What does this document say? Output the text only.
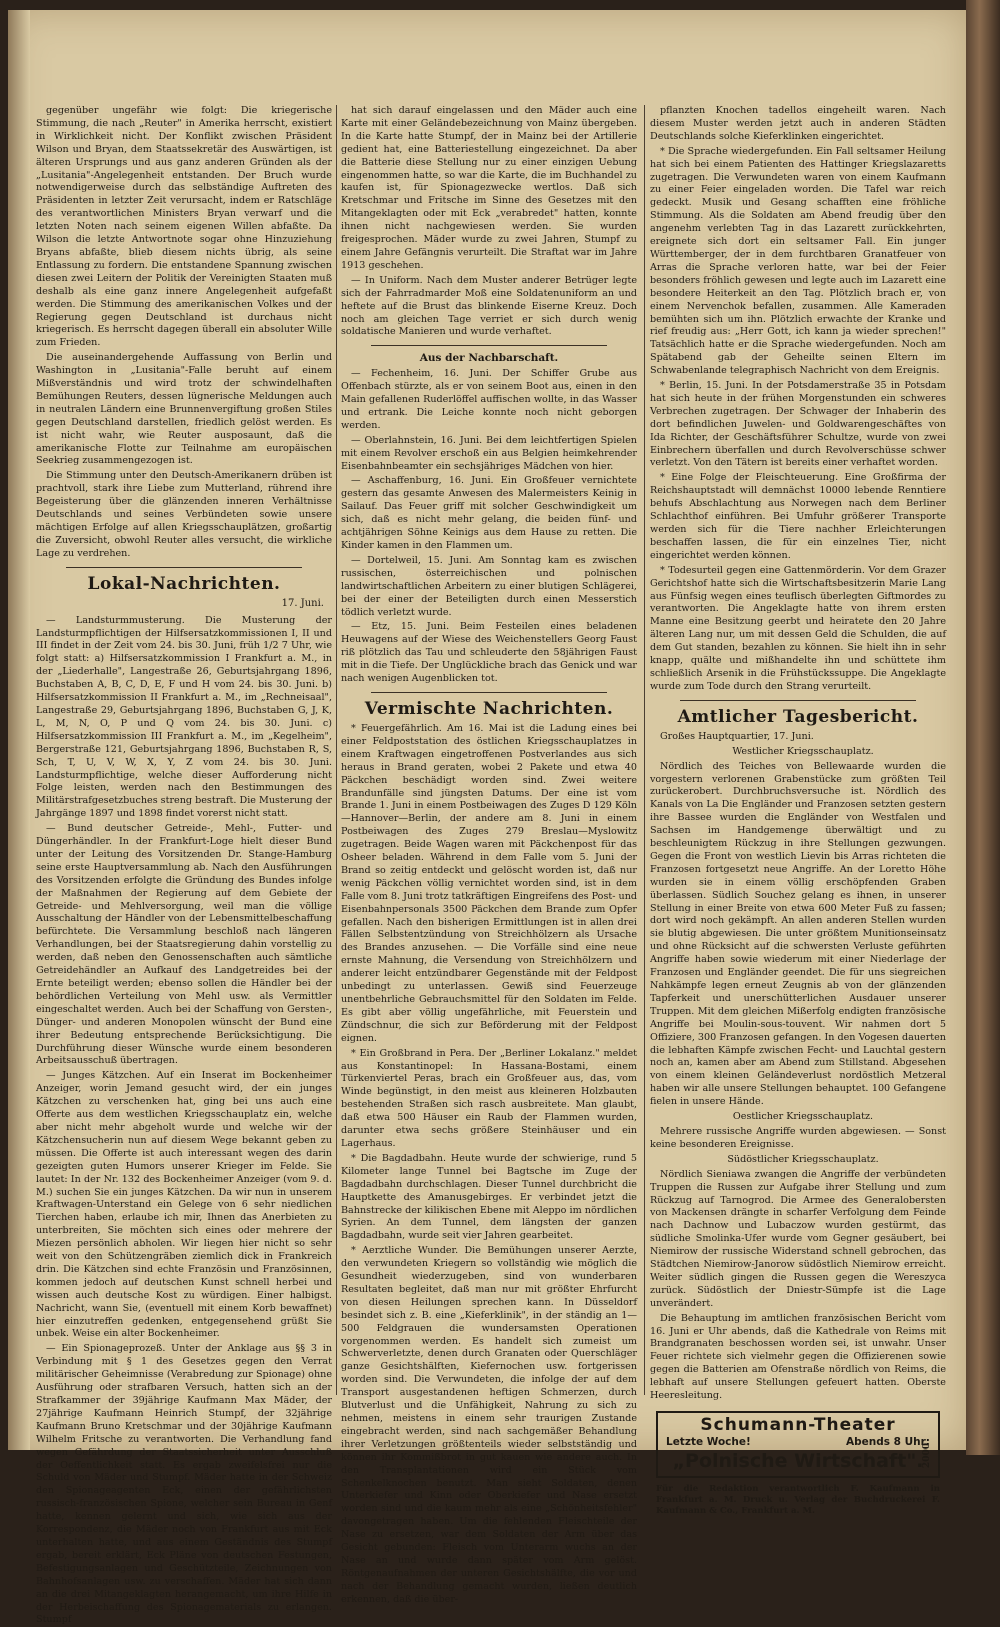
gegenüber ungefähr wie folgt: Die kriegerische Stimmung, die nach „Reuter" in Amerika herrscht, existiert in Wirklichkeit nicht. Der Konflikt zwischen Präsident Wilson und Bryan, dem Staatssekretär des Auswärtigen, ist älteren Ursprungs und aus ganz anderen Gründen als der „Lusitania"-Angelegenheit entstanden. Der Bruch wurde notwendigerweise durch das selbständige Auftreten des Präsidenten in letzter Zeit verursacht, indem er Ratschläge des verantwortlichen Ministers Bryan verwarf und die letzten Noten nach seinem eigenen Willen abfaßte. Da Wilson die letzte Antwortnote sogar ohne Hinzuziehung Bryans abfaßte, blieb diesem nichts übrig, als seine Entlassung zu fordern. Die entstandene Spannung zwischen diesen zwei Leitern der Politik der Vereinigten Staaten muß deshalb als eine ganz innere Angelegenheit aufgefaßt werden. Die Stimmung des amerikanischen Volkes und der Regierung gegen Deutschland ist durchaus nicht kriegerisch. Es herrscht dagegen überall ein absoluter Wille zum Frieden.

Die auseinandergehende Auffassung von Berlin und Washington in „Lusitania"-Falle beruht auf einem Mißverständnis und wird trotz der schwindelhaften Bemühungen Reuters, dessen lügnerische Meldungen auch in neutralen Ländern eine Brunnenvergiftung großen Stiles gegen Deutschland darstellen, friedlich gelöst werden. Es ist nicht wahr, wie Reuter ausposaunt, daß die amerikanische Flotte zur Teilnahme am europäischen Seekrieg zusammengezogen ist.

Die Stimmung unter den Deutsch-Amerikanern drüben ist prachtvoll, stark ihre Liebe zum Mutterland, rührend ihre Begeisterung über die glänzenden inneren Verhältnisse Deutschlands und seines Verbündeten sowie unsere mächtigen Erfolge auf allen Kriegsschauplätzen, großartig die Zuversicht, obwohl Reuter alles versucht, die wirkliche Lage zu verdrehen.

Lokal-Nachrichten.
17. Juni.

— Landsturmmusterung. Die Musterung der Landsturmpflichtigen der Hilfsersatzkommissionen I, II und III findet in der Zeit vom 24. bis 30. Juni, früh 1/2 7 Uhr, wie folgt statt: a) Hilfsersatzkommission I Frankfurt a. M., in der „Liederhalle", Langestraße 26, Geburtsjahrgang 1896, Buchstaben A, B, C, D, E, F und H vom 24. bis 30. Juni. b) Hilfsersatzkommission II Frankfurt a. M., im „Rechneisaal", Langestraße 29, Geburtsjahrgang 1896, Buchstaben G, J, K, L, M, N, O, P und Q vom 24. bis 30. Juni. c) Hilfsersatzkommission III Frankfurt a. M., im „Kegelheim", Bergerstraße 121, Geburtsjahrgang 1896, Buchstaben R, S, Sch, T, U, V, W, X, Y, Z vom 24. bis 30. Juni. Landsturmpflichtige, welche dieser Aufforderung nicht Folge leisten, werden nach den Bestimmungen des Militärstrafgesetzbuches streng bestraft. Die Musterung der Jahrgänge 1897 und 1898 findet vorerst nicht statt.

— Bund deutscher Getreide-, Mehl-, Futter- und Düngerhändler. In der Frankfurt-Loge hielt dieser Bund unter der Leitung des Vorsitzenden Dr. Stange-Hamburg seine erste Hauptversammlung ab. Nach den Ausführungen des Vorsitzenden erfolgte die Gründung des Bundes infolge der Maßnahmen der Regierung auf dem Gebiete der Getreide- und Mehlversorgung, weil man die völlige Ausschaltung der Händler von der Lebensmittelbeschaffung befürchtete. Die Versammlung beschloß nach längeren Verhandlungen, bei der Staatsregierung dahin vorstellig zu werden, daß neben den Genossenschaften auch sämtliche Getreidehändler an Aufkauf des Landgetreides bei der Ernte beteiligt werden; ebenso sollen die Händler bei der behördlichen Verteilung von Mehl usw. als Vermittler eingeschaltet werden. Auch bei der Schaffung von Gersten-, Dünger- und anderen Monopolen wünscht der Bund eine ihrer Bedeutung entsprechende Berücksichtigung. Die Durchführung dieser Wünsche wurde einem besonderen Arbeitsausschuß übertragen.

— Junges Kätzchen. Auf ein Inserat im Bockenheimer Anzeiger, worin Jemand gesucht wird, der ein junges Kätzchen zu verschenken hat, ging bei uns auch eine Offerte aus dem westlichen Kriegsschauplatz ein, welche aber nicht mehr abgeholt wurde und welche wir der Kätzchensucherin nun auf diesem Wege bekannt geben zu müssen. Die Offerte ist auch interessant wegen des darin gezeigten guten Humors unserer Krieger im Felde. Sie lautet: In der Nr. 132 des Bockenheimer Anzeiger (vom 9. d. M.) suchen Sie ein junges Kätzchen. Da wir nun in unserem Kraftwagen-Unterstand ein Gelege von 6 sehr niedlichen Tierchen haben, erlaube ich mir, Ihnen das Anerbieten zu unterbreiten, Sie möchten sich eines oder mehrere der Miezen persönlich abholen. Wir liegen hier nicht so sehr weit von den Schützengräben ziemlich dick in Frankreich drin. Die Kätzchen sind echte Französin und Französinnen, kommen jedoch auf deutschen Kunst schnell herbei und wissen auch deutsche Kost zu würdigen. Einer halbigst. Nachricht, wann Sie, (eventuell mit einem Korb bewaffnet) hier einzutreffen gedenken, entgegensehend grüßt Sie unbek. Weise ein alter Bockenheimer.

— Ein Spionageprozeß. Unter der Anklage aus §§ 3 in Verbindung mit § 1 des Gesetzes gegen den Verrat militärischer Geheimnisse (Verabredung zur Spionage) ohne Ausführung oder strafbaren Versuch, hatten sich an der Strafkammer der 39jährige Kaufmann Max Mäder, der 27jährige Kaufmann Heinrich Stumpf, der 32jährige Kaufmann Bruno Kretschmar und der 30jährige Kaufmann Wilhelm Fritsche zu verantworten. Die Verhandlung fand wegen Gefährdung der Staatssicherheit unter Ausschluß der Oeffentlichkeit statt. Es ergab zweifelsfrei nur die Schuld von Mäder und Stumpf. Mäder hatte in der Schweiz den Spionageagenten Eck, einen der gefährlichsten russisch-französischen Spione, welcher sein Bureau in Genf hatte, kennen gelernt und sich, wie sich aus der Korrespondenz, die Mäder noch von Frankfurt aus mit Eck unterhalten hatte, und aus einem Geständnis des Stumpf ergab, bereit erklärt, Eck Pläne von deutschen Festungen, Befestigungsanlagen und Geschützteile, Zeichnungen von Bahnhofsanlagen usw. zu verschaffen. Mäder hat sich dann an die drei Mitangeklagten herangemacht, um ihre Hilfe in der Herbeischaffung des Spionagematerials zu erlangen. Stumpf

hat sich darauf eingelassen und den Mäder auch eine Karte mit einer Geländebezeichnung von Mainz übergeben. In die Karte hatte Stumpf, der in Mainz bei der Artillerie gedient hat, eine Batteriestellung eingezeichnet. Da aber die Batterie diese Stellung nur zu einer einzigen Uebung eingenommen hatte, so war die Karte, die im Buchhandel zu kaufen ist, für Spionagezwecke wertlos. Daß sich Kretschmar und Fritsche im Sinne des Gesetzes mit den Mitangeklagten oder mit Eck „verabredet" hatten, konnte ihnen nicht nachgewiesen werden. Sie wurden freigesprochen. Mäder wurde zu zwei Jahren, Stumpf zu einem Jahre Gefängnis verurteilt. Die Straftat war im Jahre 1913 geschehen.

— In Uniform. Nach dem Muster anderer Betrüger legte sich der Fahrradmarder Moß eine Soldatenuniform an und heftete auf die Brust das blinkende Eiserne Kreuz. Doch noch am gleichen Tage verriet er sich durch wenig soldatische Manieren und wurde verhaftet.

Aus der Nachbarschaft.

— Fechenheim, 16. Juni. Der Schiffer Grube aus Offenbach stürzte, als er von seinem Boot aus, einen in den Main gefallenen Ruderlöffel auffischen wollte, in das Wasser und ertrank. Die Leiche konnte noch nicht geborgen werden.

— Oberlahnstein, 16. Juni. Bei dem leichtfertigen Spielen mit einem Revolver erschoß ein aus Belgien heimkehrender Eisenbahnbeamter ein sechsjähriges Mädchen von hier.

— Aschaffenburg, 16. Juni. Ein Großfeuer vernichtete gestern das gesamte Anwesen des Malermeisters Keinig in Sailauf. Das Feuer griff mit solcher Geschwindigkeit um sich, daß es nicht mehr gelang, die beiden fünf- und achtjährigen Söhne Keinigs aus dem Hause zu retten. Die Kinder kamen in den Flammen um.

— Dortelweil, 15. Juni. Am Sonntag kam es zwischen russischen, österreichischen und polnischen landwirtschaftlichen Arbeitern zu einer blutigen Schlägerei, bei der einer der Beteiligten durch einen Messerstich tödlich verletzt wurde.

— Etz, 15. Juni. Beim Festeilen eines beladenen Heuwagens auf der Wiese des Weichenstellers Georg Faust riß plötzlich das Tau und schleuderte den 58jährigen Faust mit in die Tiefe. Der Unglückliche brach das Genick und war nach wenigen Augenblicken tot.

Vermischte Nachrichten.

* Feuergefährlich. Am 16. Mai ist die Ladung eines bei einer Feldpoststation des östlichen Kriegsschauplatzes in einem Kraftwagen eingetroffenen Postverlandes aus sich heraus in Brand geraten, wobei 2 Pakete und etwa 40 Päckchen beschädigt worden sind. Zwei weitere Brandunfälle sind jüngsten Datums. Der eine ist vom Brande 1. Juni in einem Postbeiwagen des Zuges D 129 Köln—Hannover—Berlin, der andere am 8. Juni in einem Postbeiwagen des Zuges 279 Breslau—Myslowitz zugetragen. Beide Wagen waren mit Päckchenpost für das Osheer beladen. Während in dem Falle vom 5. Juni der Brand so zeitig entdeckt und gelöscht worden ist, daß nur wenig Päckchen völlig vernichtet worden sind, ist in dem Falle vom 8. Juni trotz tatkräftigen Eingreifens des Post- und Eisenbahnpersonals 3500 Päckchen dem Brande zum Opfer gefallen. Nach den bisherigen Ermittlungen ist in allen drei Fällen Selbstentzündung von Streichhölzern als Ursache des Brandes anzusehen. — Die Vorfälle sind eine neue ernste Mahnung, die Versendung von Streichhölzern und anderer leicht entzündbarer Gegenstände mit der Feldpost unbedingt zu unterlassen. Gewiß sind Feuerzeuge unentbehrliche Gebrauchsmittel für den Soldaten im Felde. Es gibt aber völlig ungefährliche, mit Feuerstein und Zündschnur, die sich zur Beförderung mit der Feldpost eignen.

* Ein Großbrand in Pera. Der „Berliner Lokalanz." meldet aus Konstantinopel: In Hassana-Bostami, einem Türkenviertel Peras, brach ein Großfeuer aus, das, vom Winde begünstigt, in den meist aus kleineren Holzbauten bestehenden Straßen sich rasch ausbreitete. Man glaubt, daß etwa 500 Häuser ein Raub der Flammen wurden, darunter etwa sechs größere Steinhäuser und ein Lagerhaus.

* Die Bagdadbahn. Heute wurde der schwierige, rund 5 Kilometer lange Tunnel bei Bagtsche im Zuge der Bagdadbahn durchschlagen. Dieser Tunnel durchbricht die Hauptkette des Amanusgebirges. Er verbindet jetzt die Bahnstrecke der kilikischen Ebene mit Aleppo im nördlichen Syrien. An dem Tunnel, dem längsten der ganzen Bagdadbahn, wurde seit vier Jahren gearbeitet.

* Aerztliche Wunder. Die Bemühungen unserer Aerzte, den verwundeten Kriegern so vollständig wie möglich die Gesundheit wiederzugeben, sind von wunderbaren Resultaten begleitet, daß man nur mit größter Ehrfurcht von diesen Heilungen sprechen kann. In Düsseldorf besindet sich z. B. eine „Kieferklinik", in der ständig an 1—500 Feldgrauen die wundersamsten Operationen vorgenommen werden. Es handelt sich zumeist um Schwerverletzte, denen durch Granaten oder Querschläger ganze Gesichtshälften, Kiefernochen usw. fortgerissen worden sind. Die Verwundeten, die infolge der auf dem Transport ausgestandenen heftigen Schmerzen, durch Blutverlust und die Unfähigkeit, Nahrung zu sich zu nehmen, meistens in einem sehr traurigen Zustande eingebracht werden, sind nach sachgemäßer Behandlung ihrer Verletzungen größtenteils wieder selbstständig und können ihr Kommißbrot in gut kauen wie andere auch. In den Transplantationen wird ein Stück vom Schenkelknochen benutzt. Man sieht Soldaten, denen Unterkiefer und Kinn oder Oberkiefer und Nase ersetzt worden sind und die kaum mehr als eine „Schönheitsfehler" davongetragen haben. Um die fehlenden Fleischteile der Nase zu ersetzen, war dem Soldaten der Arm über das Gesicht gebunden: Fleisch vom Unterarm wuchs an der Nase an und wurde dann später vom Arm gelöst. Röntgenaufnahmen der unteren Gesichtshälfte, die vor und nach der Behandlung gemacht wurden, ließen deutlich erkennen, daß die über-

pflanzten Knochen tadellos eingeheilt waren. Nach diesem Muster werden jetzt auch in anderen Städten Deutschlands solche Kieferklinken eingerichtet.

* Die Sprache wiedergefunden. Ein Fall seltsamer Heilung hat sich bei einem Patienten des Hattinger Kriegslazaretts zugetragen. Die Verwundeten waren von einem Kaufmann zu einer Feier eingeladen worden. Die Tafel war reich gedeckt. Musik und Gesang schafften eine fröhliche Stimmung. Als die Soldaten am Abend freudig über den angenehm verlebten Tag in das Lazarett zurückkehrten, ereignete sich dort ein seltsamer Fall. Ein junger Württemberger, der in dem furchtbaren Granatfeuer von Arras die Sprache verloren hatte, war bei der Feier besonders fröhlich gewesen und legte auch im Lazarett eine besondere Heiterkeit an den Tag. Plötzlich brach er, von einem Nervenchok befallen, zusammen. Alle Kameraden bemühten sich um ihn. Plötzlich erwachte der Kranke und rief freudig aus: „Herr Gott, ich kann ja wieder sprechen!" Tatsächlich hatte er die Sprache wiedergefunden. Noch am Spätabend gab der Geheilte seinen Eltern im Schwabenlande telegraphisch Nachricht von dem Ereignis.

* Berlin, 15. Juni. In der Potsdamerstraße 35 in Potsdam hat sich heute in der frühen Morgenstunden ein schweres Verbrechen zugetragen. Der Schwager der Inhaberin des dort befindlichen Juwelen- und Goldwarengeschäftes von Ida Richter, der Geschäftsführer Schultze, wurde von zwei Einbrechern überfallen und durch Revolverschüsse schwer verletzt. Von den Tätern ist bereits einer verhaftet worden.

* Eine Folge der Fleischteuerung. Eine Großfirma der Reichshauptstadt will demnächst 10000 lebende Renntiere behufs Abschlachtung aus Norwegen nach dem Berliner Schlachthof einführen. Bei Umfuhr größerer Transporte werden sich für die Tiere nachher Erleichterungen beschaffen lassen, die für ein einzelnes Tier, nicht eingerichtet werden können.

* Todesurteil gegen eine Gattenmörderin. Vor dem Grazer Gerichtshof hatte sich die Wirtschaftsbesitzerin Marie Lang aus Fünfsig wegen eines teuflisch überlegten Giftmordes zu verantworten. Die Angeklagte hatte von ihrem ersten Manne eine Besitzung geerbt und heiratete den 20 Jahre älteren Lang nur, um mit dessen Geld die Schulden, die auf dem Gut standen, bezahlen zu können. Sie hielt ihn in sehr knapp, quälte und mißhandelte ihn und schüttete ihm schließlich Arsenik in die Frühstückssuppe. Die Angeklagte wurde zum Tode durch den Strang verurteilt.

Amtlicher Tagesbericht.

Großes Hauptquartier, 17. Juni.

Westlicher Kriegsschauplatz.

Nördlich des Teiches von Bellewaarde wurden die vorgestern verlorenen Grabenstücke zum größten Teil zurückerobert. Durchbruchsversuche ist. Nördlich des Kanals von La Die Engländer und Franzosen setzten gestern ihre Bassee wurden die Engländer von Westfalen und Sachsen im Handgemenge überwältigt und zu beschleunigtem Rückzug in ihre Stellungen gezwungen. Gegen die Front von westlich Lievin bis Arras richteten die Franzosen fortgesetzt neue Angriffe. An der Loretto Höhe wurden sie in einem völlig erschöpfenden Graben überlassen. Südlich Souchez gelang es ihnen, in unserer Stellung in einer Breite von etwa 600 Meter Fuß zu fassen; dort wird noch gekämpft. An allen anderen Stellen wurden sie blutig abgewiesen. Die unter größtem Munitionseinsatz und ohne Rücksicht auf die schwersten Verluste geführten Angriffe haben sowie wiederum mit einer Niederlage der Franzosen und Engländer geendet. Die für uns siegreichen Nahkämpfe legen erneut Zeugnis ab von der glänzenden Tapferkeit und unerschütterlichen Ausdauer unserer Truppen. Mit dem gleichen Mißerfolg endigten französische Angriffe bei Moulin-sous-touvent. Wir nahmen dort 5 Offiziere, 300 Franzosen gefangen. In den Vogesen dauerten die lebhaften Kämpfe zwischen Fecht- und Lauchtal gestern noch an, kamen aber am Abend zum Stillstand. Abgesehen von einem kleinen Geländeverlust nordöstlich Metzeral haben wir alle unsere Stellungen behauptet. 100 Gefangene fielen in unsere Hände.

Oestlicher Kriegsschauplatz.

Mehrere russische Angriffe wurden abgewiesen. — Sonst keine besonderen Ereignisse.

Südöstlicher Kriegsschauplatz.

Nördlich Sieniawa zwangen die Angriffe der verbündeten Truppen die Russen zur Aufgabe ihrer Stellung und zum Rückzug auf Tarnogrod. Die Armee des Generalobersten von Mackensen drängte in scharfer Verfolgung dem Feinde nach Dachnow und Lubaczow wurden gestürmt, das südliche Smolinka-Ufer wurde vom Gegner gesäubert, bei Niemirow der russische Widerstand schnell gebrochen, das Städtchen Niemirow-Janorow südöstlich Niemirow erreicht. Weiter südlich gingen die Russen gegen die Wereszyca zurück. Südöstlich der Dniestr-Sümpfe ist die Lage unverändert.

Die Behauptung im amtlichen französischen Bericht vom 16. Juni er Uhr abends, daß die Kathedrale von Reims mit Brandgranaten beschossen worden sei, ist unwahr. Unser Feuer richtete sich vielmehr gegen die Offizierenen sowie gegen die Batterien am Ofenstraße nördlich von Reims, die lebhaft auf unsere Stellungen gefeuert hatten. Oberste Heeresleitung.

Schumann-Theater
Letzte Woche!	Abends 8 Uhr:
„Polnische Wirtschaft".
2000
Für die Redaktion verantwortlich F. Kaufmann in Frankfurt a. M. Druck u. Verlag der Buchdruckerei F. Kaufmann & Co., Frankfurt a. M.
